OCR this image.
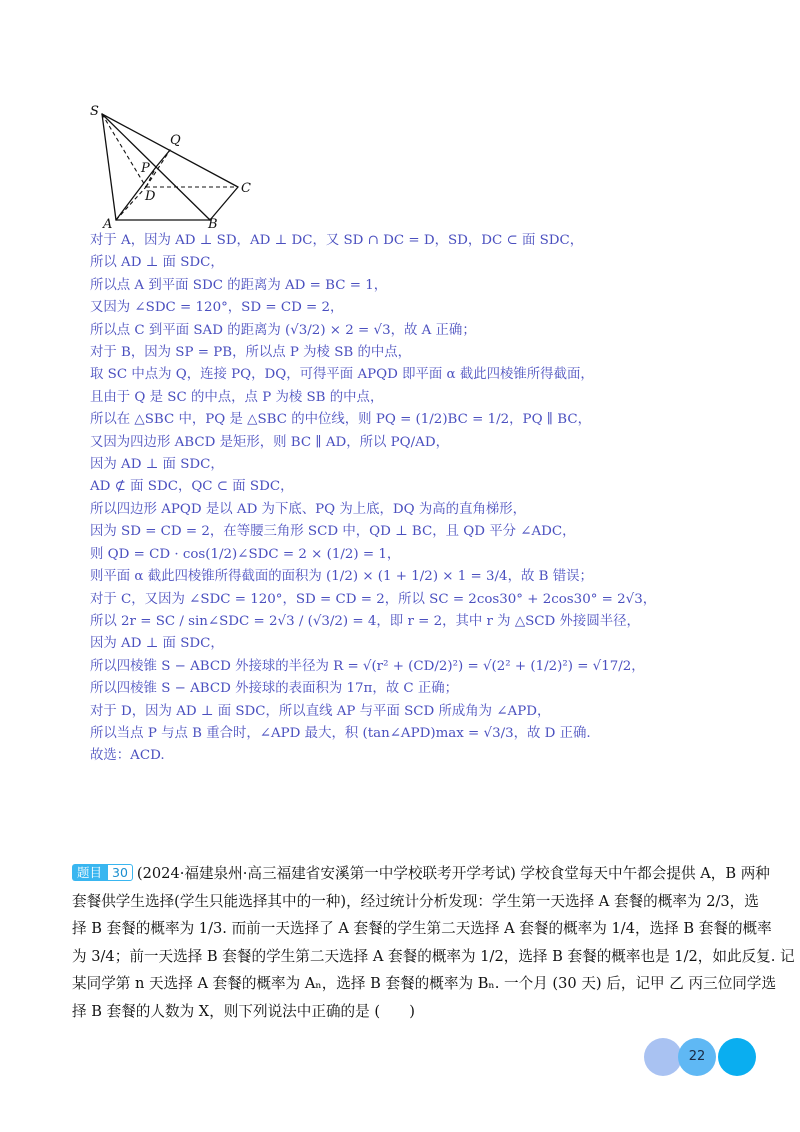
S
Q
P
D
C
A	B
对于 A，因为 AD ⊥ SD，AD ⊥ DC，又 SD ∩ DC = D，SD，DC ⊂ 面 SDC，
所以 AD ⊥ 面 SDC，
所以点 A 到平面 SDC 的距离为 AD = BC = 1，
又因为 ∠SDC = 120°，SD = CD = 2，
所以点 C 到平面 SAD 的距离为 (√3/2) × 2 = √3，故 A 正确；
对于 B，因为 SP = PB，所以点 P 为棱 SB 的中点，
取 SC 中点为 Q，连接 PQ，DQ，可得平面 APQD 即平面 α 截此四棱锥所得截面，
且由于 Q 是 SC 的中点，点 P 为棱 SB 的中点，
所以在 △SBC 中，PQ 是 △SBC 的中位线，则 PQ = (1/2)BC = 1/2，PQ ∥ BC，
又因为四边形 ABCD 是矩形，则 BC ∥ AD，所以 PQ/AD，
因为 AD ⊥ 面 SDC，
AD ⊄ 面 SDC，QC ⊂ 面 SDC，
所以四边形 APQD 是以 AD 为下底、PQ 为上底，DQ 为高的直角梯形，
因为 SD = CD = 2，在等腰三角形 SCD 中，QD ⊥ BC，且 QD 平分 ∠ADC，
则 QD = CD · cos(1/2)∠SDC = 2 × (1/2) = 1，
则平面 α 截此四棱锥所得截面的面积为 (1/2) × (1 + 1/2) × 1 = 3/4，故 B 错误；
对于 C，又因为 ∠SDC = 120°，SD = CD = 2，所以 SC = 2cos30° + 2cos30° = 2√3，
所以 2r = SC / sin∠SDC = 2√3 / (√3/2) = 4，即 r = 2，其中 r 为 △SCD 外接圆半径，
因为 AD ⊥ 面 SDC，
所以四棱锥 S − ABCD 外接球的半径为 R = √(r² + (CD/2)²) = √(2² + (1/2)²) = √17/2，
所以四棱锥 S − ABCD 外接球的表面积为 17π，故 C 正确；
对于 D，因为 AD ⊥ 面 SDC，所以直线 AP 与平面 SCD 所成角为 ∠APD，
所以当点 P 与点 B 重合时，∠APD 最大，积 (tan∠APD)max = √3/3，故 D 正确.
故选：ACD.
题目 30 (2024·福建泉州·高三福建省安溪第一中学校联考开学考试) 学校食堂每天中午都会提供 A，B 两种
套餐供学生选择(学生只能选择其中的一种)，经过统计分析发现：学生第一天选择 A 套餐的概率为 2/3，选
择 B 套餐的概率为 1/3. 而前一天选择了 A 套餐的学生第二天选择 A 套餐的概率为 1/4，选择 B 套餐的概率
为 3/4；前一天选择 B 套餐的学生第二天选择 A 套餐的概率为 1/2，选择 B 套餐的概率也是 1/2，如此反复. 记
某同学第 n 天选择 A 套餐的概率为 Aₙ，选择 B 套餐的概率为 Bₙ. 一个月 (30 天) 后，记甲 乙 丙三位同学选
择 B 套餐的人数为 X，则下列说法中正确的是 (　　)
22
